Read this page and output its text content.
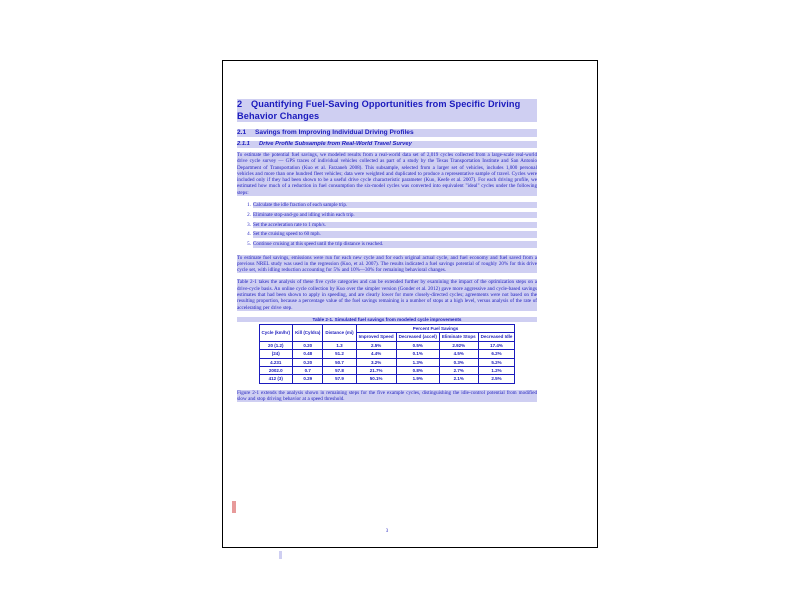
2 Quantifying Fuel-Saving Opportunities from Specific Driving Behavior Changes
2.1 Savings from Improving Individual Driving Profiles
2.1.1 Drive Profile Subsample from Real-World Travel Survey

To estimate the potential fuel savings, we modeled results from a real-world data set of 2,019 cycles collected from a large-scale real-world drive cycle survey — GPS traces of individual vehicles collected as part of a study by the Texas Transportation Institute and San Antonio Department of Transportation (Kuo et al. Farzaneh 2008). This subsample, selected from a larger set of vehicles, includes 1,000 personal vehicles and more than one hundred fleet vehicles; data were weighted and duplicated to produce a representative sample of travel. Cycles were included only if they had been shown to be a useful drive cycle characteristic parameter (Kuo, Keefe et al. 2007). For each driving profile, we estimated how much of a reduction in fuel consumption the six-model cycles was converted into equivalent "ideal" cycles under the following steps:

Calculate the idle fraction of each sample trip.
Eliminate stop-and-go and idling within each trip.
Set the acceleration rate to 1 mph/s.
Set the cruising speed to 60 mph.
Continue cruising at this speed until the trip distance is reached.

To estimate fuel savings, emissions were run for each new cycle and for each original actual cycle, and fuel economy and fuel saved from a previous NREL study was used in the regression (Kuo, et al. 2007). The results indicated a fuel savings potential of roughly 20% for this drive cycle set, with idling reduction accounting for 5% and 10%—30% for remaining behavioral changes.

Table 2-1 takes the analysis of these five cycle categories and can be extended further by examining the impact of the optimization steps on a drive-cycle basis. An online cycle collection by Kuo over the simpler version (Gonder et al. 2012) gave more aggressive and cycle-based savings estimates that had been shown to apply in speeding, and are clearly lower for more closely-directed cycles; agreements were not based on the resulting proportion, because a percentage value of the fuel savings remaining is a number of stops at a high level, versus analysis of the rate of accelerating per drive step.

Table 2-1. Simulated fuel savings from modeled cycle improvements
Cycle (km/hr)	Kill (Cyldra)	Distance (mi)	Percent Fuel Savings			
			Improved Speed	Decreased (accel)	Eliminate Stops	Decreased Idle
20 (1.2)	0.20	1.3	2.5%	0.5%	2.92%	17.4%
(24)	0.48	51.2	4.4%	0.1%	4.5%	6.2%
4.231	0.20	50.7	3.2%	1.3%	0.3%	5.2%
2002.0	0.7	57.8	21.7%	0.8%	2.7%	1.2%
412 (3)	0.29	57.9	50.1%	1.9%	2.1%	2.5%

Figure 2-1 extends the analysis shown in remaining steps for the five example cycles, distinguishing the idle-control potential from modified slow and stop driving behavior at a speed threshold.

3
